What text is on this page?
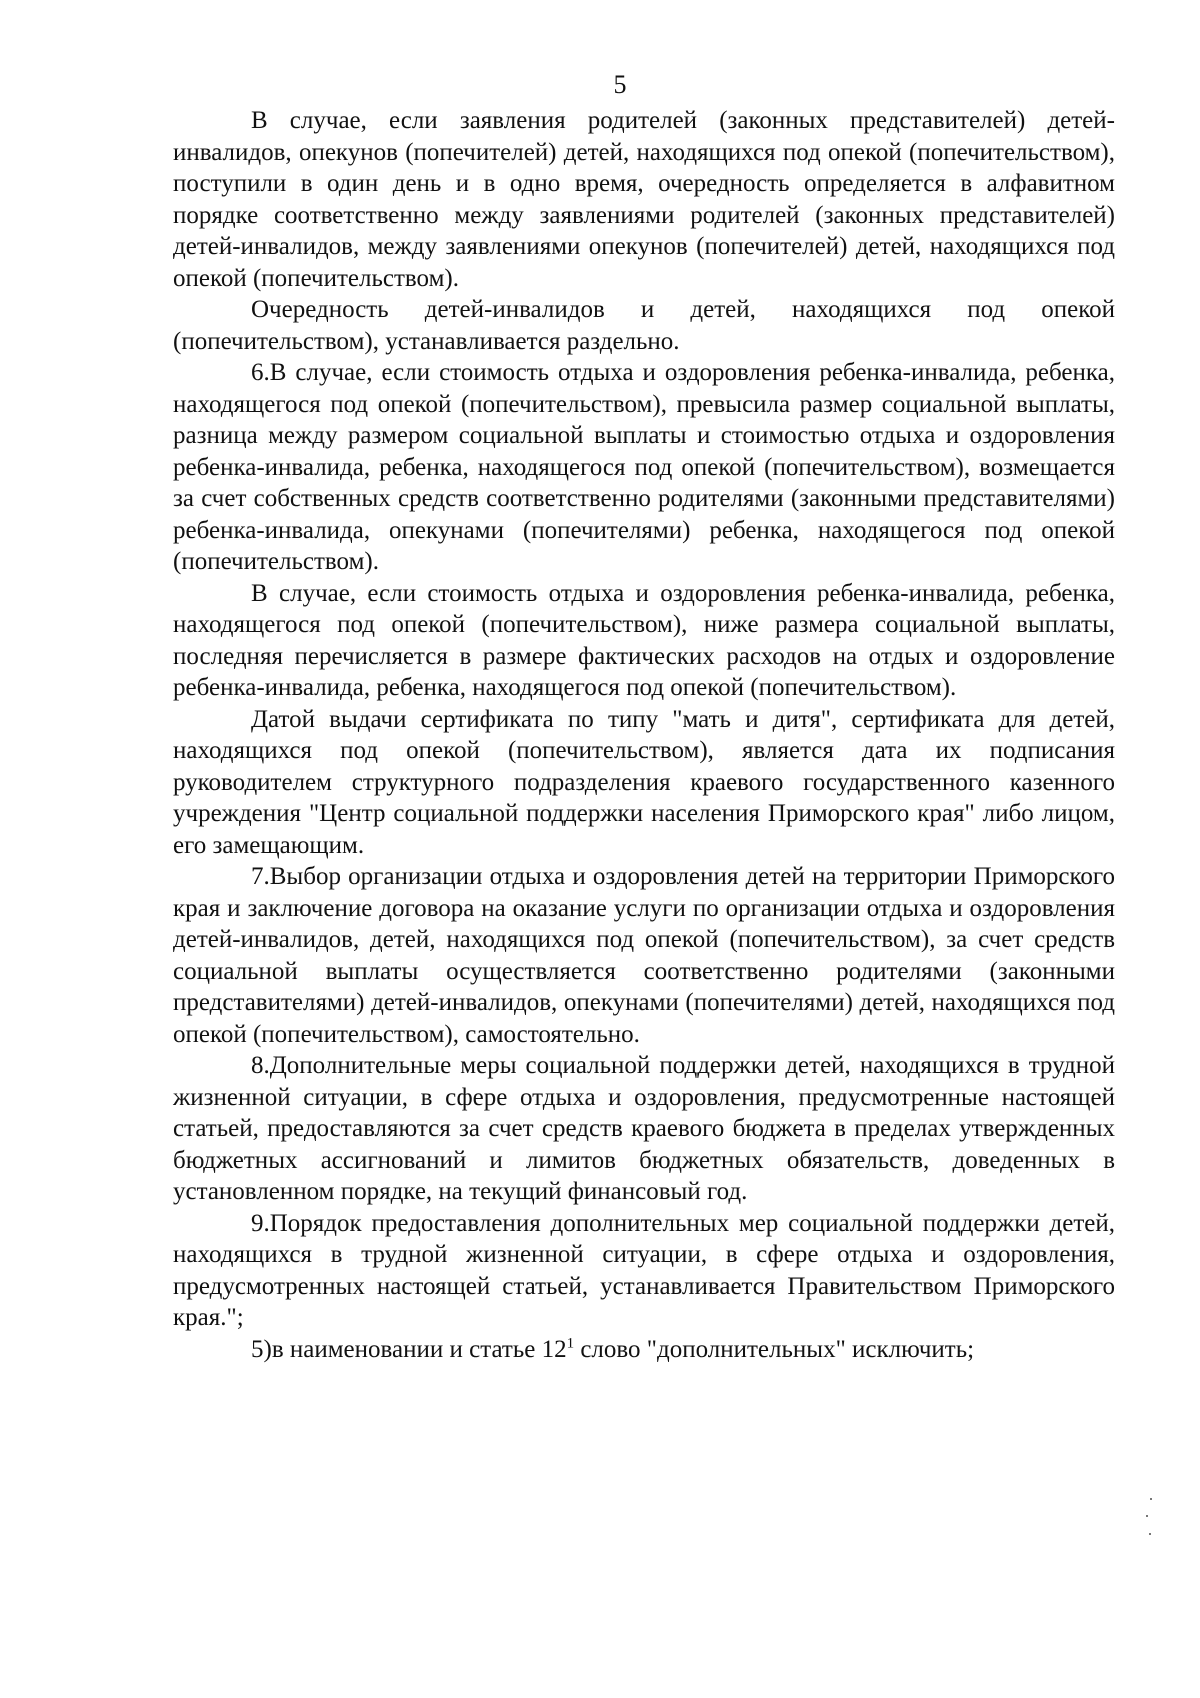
5

В случае, если заявления родителей (законных представителей) детей-инвалидов, опекунов (попечителей) детей, находящихся под опекой (попечительством), поступили в один день и в одно время, очередность определяется в алфавитном порядке соответственно между заявлениями родителей (законных представителей) детей-инвалидов, между заявлениями опекунов (попечителей) детей, находящихся под опекой (попечительством).

Очередность детей-инвалидов и детей, находящихся под опекой (попечительством), устанавливается раздельно.

6.В случае, если стоимость отдыха и оздоровления ребенка-инвалида, ребенка, находящегося под опекой (попечительством), превысила размер социальной выплаты, разница между размером социальной выплаты и стоимостью отдыха и оздоровления ребенка-инвалида, ребенка, находящегося под опекой (попечительством), возмещается за счет собственных средств соответственно родителями (законными представителями) ребенка-инвалида, опекунами (попечителями) ребенка, находящегося под опекой (попечительством).

В случае, если стоимость отдыха и оздоровления ребенка-инвалида, ребенка, находящегося под опекой (попечительством), ниже размера социальной выплаты, последняя перечисляется в размере фактических расходов на отдых и оздоровление ребенка-инвалида, ребенка, находящегося под опекой (попечительством).

Датой выдачи сертификата по типу "мать и дитя", сертификата для детей, находящихся под опекой (попечительством), является дата их подписания руководителем структурного подразделения краевого государственного казенного учреждения "Центр социальной поддержки населения Приморского края" либо лицом, его замещающим.

7.Выбор организации отдыха и оздоровления детей на территории Приморского края и заключение договора на оказание услуги по организации отдыха и оздоровления детей-инвалидов, детей, находящихся под опекой (попечительством), за счет средств социальной выплаты осуществляется соответственно родителями (законными представителями) детей-инвалидов, опекунами (попечителями) детей, находящихся под опекой (попечительством), самостоятельно.

8.Дополнительные меры социальной поддержки детей, находящихся в трудной жизненной ситуации, в сфере отдыха и оздоровления, предусмотренные настоящей статьей, предоставляются за счет средств краевого бюджета в пределах утвержденных бюджетных ассигнований и лимитов бюджетных обязательств, доведенных в установленном порядке, на текущий финансовый год.

9.Порядок предоставления дополнительных мер социальной поддержки детей, находящихся в трудной жизненной ситуации, в сфере отдыха и оздоровления, предусмотренных настоящей статьей, устанавливается Правительством Приморского края.";

5)в наименовании и статье $12^1$ слово "дополнительных" исключить;
